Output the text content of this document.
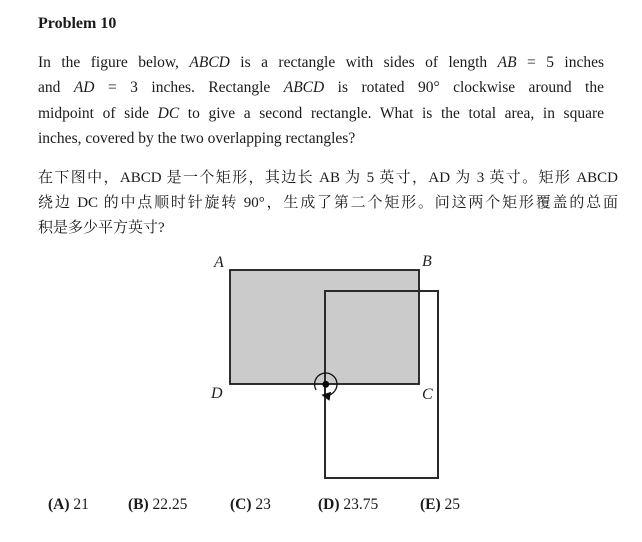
Problem 10
In the figure below, ABCD is a rectangle with sides of length AB = 5 inches
and AD = 3 inches. Rectangle ABCD is rotated 90° clockwise around the
midpoint of side DC to give a second rectangle. What is the total area, in square
inches, covered by the two overlapping rectangles?
在下图中，ABCD 是一个矩形，其边长 AB 为 5 英寸，AD 为 3 英寸。矩形 ABCD
绕边 DC 的中点顺时针旋转 90°，生成了第二个矩形。问这两个矩形覆盖的总面
积是多少平方英寸?
A	B
D	C
(A) 21	(B) 22.25	(C) 23	(D) 23.75	(E) 25
